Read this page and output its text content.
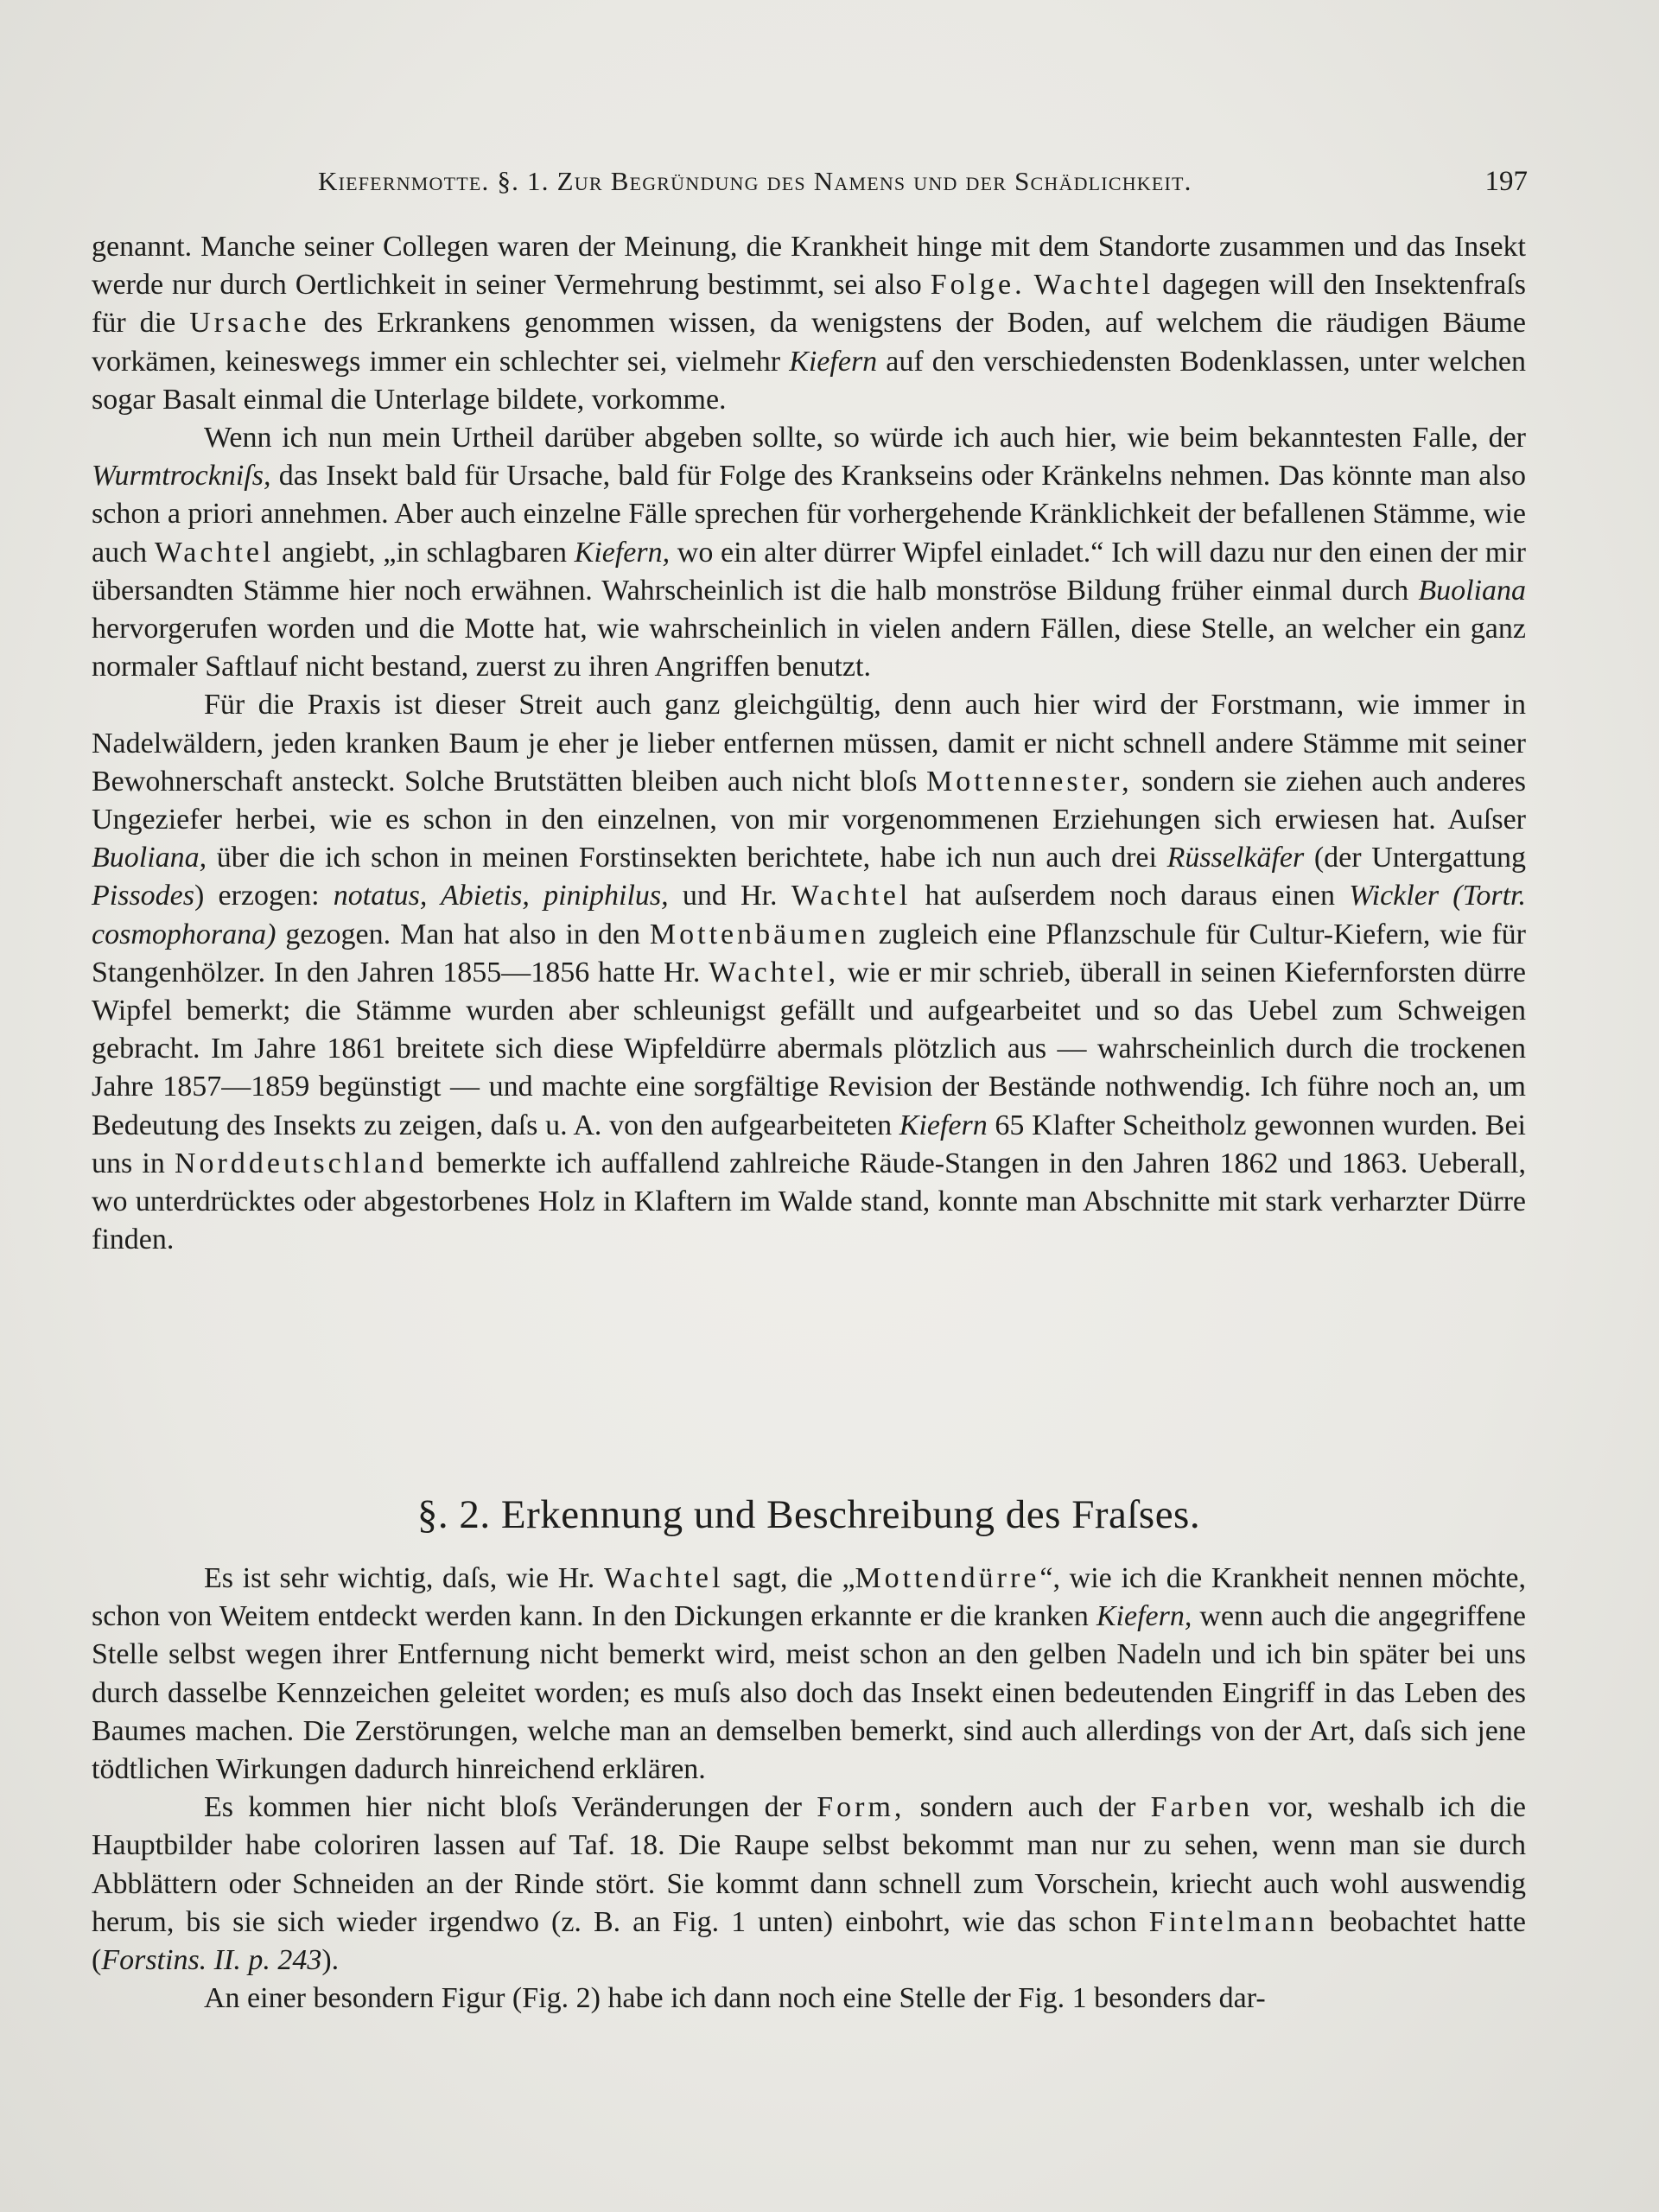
Kiefernmotte. §. 1. Zur Begründung des Namens und der Schädlichkeit.	197

genannt. Manche seiner Collegen waren der Meinung, die Krankheit hinge mit dem Standorte zusammen und das Insekt werde nur durch Oertlichkeit in seiner Vermehrung bestimmt, sei also Folge. Wachtel dagegen will den Insektenfraſs für die Ursache des Erkrankens genommen wissen, da wenigstens der Boden, auf welchem die räudigen Bäume vorkämen, keineswegs immer ein schlechter sei, vielmehr Kiefern auf den verschiedensten Bodenklassen, unter welchen sogar Basalt einmal die Unterlage bildete, vorkomme.

Wenn ich nun mein Urtheil darüber abgeben sollte, so würde ich auch hier, wie beim bekanntesten Falle, der Wurmtrockniſs, das Insekt bald für Ursache, bald für Folge des Krankseins oder Kränkelns nehmen. Das könnte man also schon a priori annehmen. Aber auch einzelne Fälle sprechen für vorhergehende Kränklichkeit der befallenen Stämme, wie auch Wachtel angiebt, „in schlagbaren Kiefern, wo ein alter dürrer Wipfel einladet.“ Ich will dazu nur den einen der mir übersandten Stämme hier noch erwähnen. Wahrscheinlich ist die halb monströse Bildung früher einmal durch Buoliana hervorgerufen worden und die Motte hat, wie wahrscheinlich in vielen andern Fällen, diese Stelle, an welcher ein ganz normaler Saftlauf nicht bestand, zuerst zu ihren Angriffen benutzt.

Für die Praxis ist dieser Streit auch ganz gleichgültig, denn auch hier wird der Forstmann, wie immer in Nadelwäldern, jeden kranken Baum je eher je lieber entfernen müssen, damit er nicht schnell andere Stämme mit seiner Bewohnerschaft ansteckt. Solche Brutstätten bleiben auch nicht bloſs Mottennester, sondern sie ziehen auch anderes Ungeziefer herbei, wie es schon in den einzelnen, von mir vorgenommenen Erziehungen sich erwiesen hat. Auſser Buoliana, über die ich schon in meinen Forstinsekten berichtete, habe ich nun auch drei Rüsselkäfer (der Untergattung Pissodes) erzogen: notatus, Abietis, piniphilus, und Hr. Wachtel hat auſserdem noch daraus einen Wickler (Tortr. cosmophorana) gezogen. Man hat also in den Mottenbäumen zugleich eine Pflanzschule für Cultur-Kiefern, wie für Stangenhölzer. In den Jahren 1855—1856 hatte Hr. Wachtel, wie er mir schrieb, überall in seinen Kiefernforsten dürre Wipfel bemerkt; die Stämme wurden aber schleunigst gefällt und aufgearbeitet und so das Uebel zum Schweigen gebracht. Im Jahre 1861 breitete sich diese Wipfeldürre abermals plötzlich aus — wahrscheinlich durch die trockenen Jahre 1857—1859 begünstigt — und machte eine sorgfältige Revision der Bestände nothwendig. Ich führe noch an, um Bedeutung des Insekts zu zeigen, daſs u. A. von den aufgearbeiteten Kiefern 65 Klafter Scheitholz gewonnen wurden. Bei uns in Norddeutschland bemerkte ich auffallend zahlreiche Räude-Stangen in den Jahren 1862 und 1863. Ueberall, wo unterdrücktes oder abgestorbenes Holz in Klaftern im Walde stand, konnte man Abschnitte mit stark verharzter Dürre finden.

§. 2. Erkennung und Beschreibung des Fraſses.

Es ist sehr wichtig, daſs, wie Hr. Wachtel sagt, die „Mottendürre“, wie ich die Krankheit nennen möchte, schon von Weitem entdeckt werden kann. In den Dickungen erkannte er die kranken Kiefern, wenn auch die angegriffene Stelle selbst wegen ihrer Entfernung nicht bemerkt wird, meist schon an den gelben Nadeln und ich bin später bei uns durch dasselbe Kennzeichen geleitet worden; es muſs also doch das Insekt einen bedeutenden Eingriff in das Leben des Baumes machen. Die Zerstörungen, welche man an demselben bemerkt, sind auch allerdings von der Art, daſs sich jene tödtlichen Wirkungen dadurch hinreichend erklären.

Es kommen hier nicht bloſs Veränderungen der Form, sondern auch der Farben vor, weshalb ich die Hauptbilder habe coloriren lassen auf Taf. 18. Die Raupe selbst bekommt man nur zu sehen, wenn man sie durch Abblättern oder Schneiden an der Rinde stört. Sie kommt dann schnell zum Vorschein, kriecht auch wohl auswendig herum, bis sie sich wieder irgendwo (z. B. an Fig. 1 unten) einbohrt, wie das schon Fintelmann beobachtet hatte (Forstins. II. p. 243).

An einer besondern Figur (Fig. 2) habe ich dann noch eine Stelle der Fig. 1 besonders dar-
